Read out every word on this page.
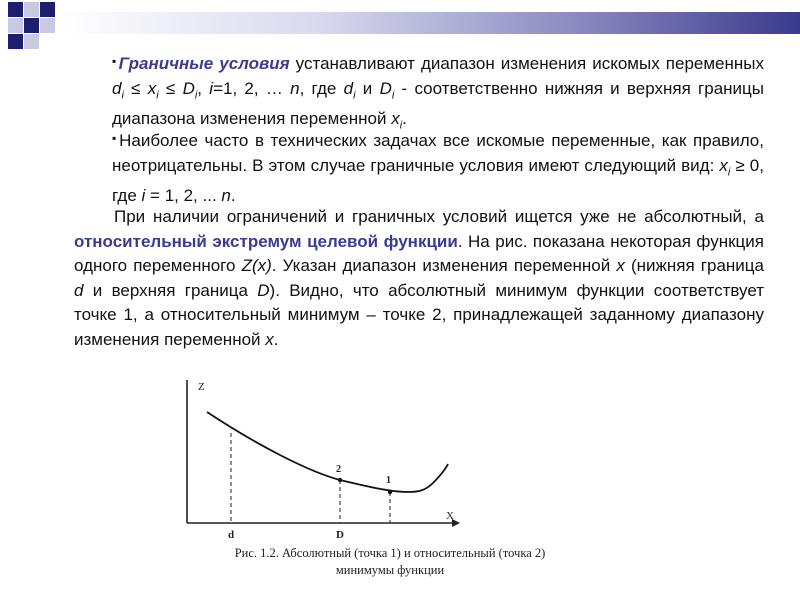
▪Граничные условия устанавливают диапазон изменения искомых переменных $d_i \le x_i \le D_i$, i=1, 2, … n, где $d_i$ и $D_i$ - соответственно нижняя и верхняя границы диапазона изменения переменной $x_i$.
▪Наиболее часто в технических задачах все искомые переменные, как правило, неотрицательны. В этом случае граничные условия имеют следующий вид: $x_i \ge 0$, где i = 1, 2, ... n.
При наличии ограничений и граничных условий ищется уже не абсолютный, а относительный экстремум целевой функции. На рис. показана некоторая функция одного переменного Z(x). Указан диапазон изменения переменной x (нижняя граница d и верхняя граница D). Видно, что абсолютный минимум функции соответствует точке 1, а относительный минимум – точке 2, принадлежащей заданному диапазону изменения переменной x.
Z
X
2
1
d	D
Рис. 1.2. Абсолютный (точка 1) и относительный (точка 2)
минимумы функции
